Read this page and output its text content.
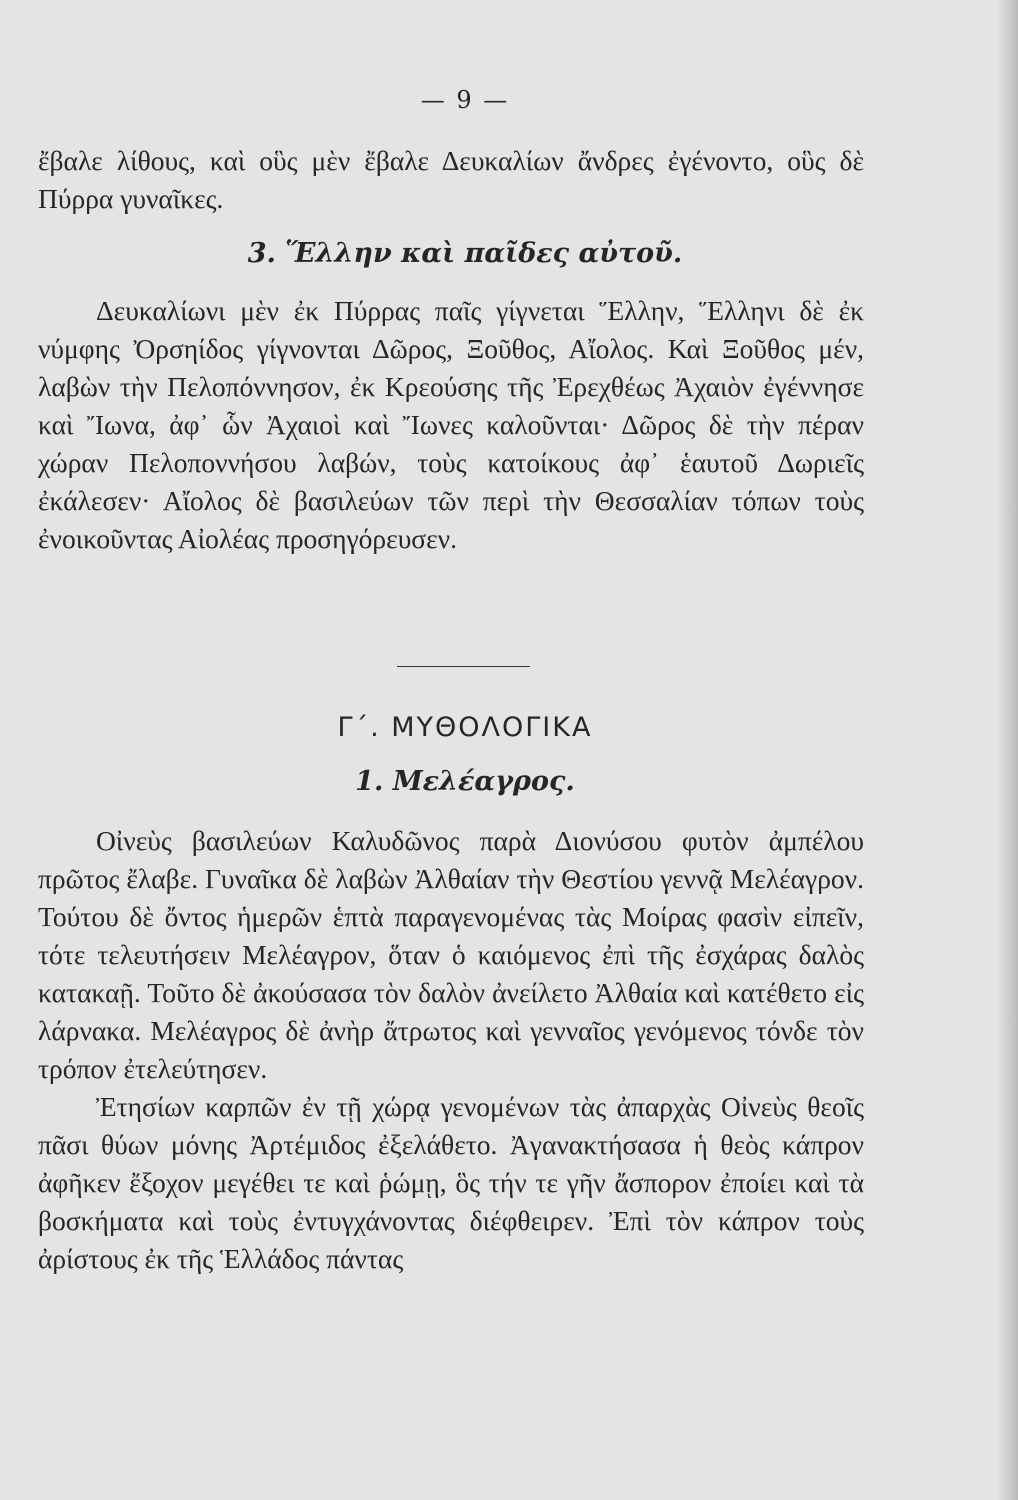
— 9 —

ἔβαλε λίθους, καὶ οὓς μὲν ἔβαλε Δευκαλίων ἄνδρες ἐγένοντο, οὓς δὲ Πύρρα γυναῖκες.

3. Ἕλλην καὶ παῖδες αὐτοῦ.

Δευκαλίωνι μὲν ἐκ Πύρρας παῖς γίγνεται Ἕλλην, Ἕλληνι δὲ ἐκ νύμφης Ὀρσηίδος γίγνονται Δῶρος, Ξοῦθος, Αἴολος. Καὶ Ξοῦθος μέν, λαβὼν τὴν Πελοπόννησον, ἐκ Κρεούσης τῆς Ἐρεχθέως Ἀχαιὸν ἐγέννησε καὶ Ἴωνα, ἀφ᾽ ὧν Ἀχαιοὶ καὶ Ἴωνες καλοῦνται· Δῶρος δὲ τὴν πέραν χώραν Πελοποννήσου λαβών, τοὺς κατοίκους ἀφ᾽ ἑαυτοῦ Δωριεῖς ἐκάλεσεν· Αἴολος δὲ βασιλεύων τῶν περὶ τὴν Θεσσαλίαν τόπων τοὺς ἐνοικοῦντας Αἰολέας προσηγόρευσεν.

Γ΄. ΜΥΘΟΛΟΓΙΚΑ
1. Μελέαγρος.

Οἰνεὺς βασιλεύων Καλυδῶνος παρὰ Διονύσου φυτὸν ἀμπέλου πρῶτος ἔλαβε. Γυναῖκα δὲ λαβὼν Ἀλθαίαν τὴν Θεστίου γεννᾷ Μελέαγρον. Τούτου δὲ ὄντος ἡμερῶν ἑπτὰ παραγενομένας τὰς Μοίρας φασὶν εἰπεῖν, τότε τελευτήσειν Μελέαγρον, ὅταν ὁ καιόμενος ἐπὶ τῆς ἐσχάρας δαλὸς κατακαῇ. Τοῦτο δὲ ἀκούσασα τὸν δαλὸν ἀνείλετο Ἀλθαία καὶ κατέθετο εἰς λάρνακα. Μελέαγρος δὲ ἀνὴρ ἄτρωτος καὶ γενναῖος γενόμενος τόνδε τὸν τρόπον ἐτελεύτησεν.

Ἐτησίων καρπῶν ἐν τῇ χώρᾳ γενομένων τὰς ἀπαρχὰς Οἰνεὺς θεοῖς πᾶσι θύων μόνης Ἀρτέμιδος ἐξελάθετο. Ἀγανακτήσασα ἡ θεὸς κάπρον ἀφῆκεν ἔξοχον μεγέθει τε καὶ ῥώμῃ, ὃς τήν τε γῆν ἄσπορον ἐποίει καὶ τὰ βοσκήματα καὶ τοὺς ἐντυγχάνοντας διέφθειρεν. Ἐπὶ τὸν κάπρον τοὺς ἀρίστους ἐκ τῆς Ἑλλάδος πάντας
